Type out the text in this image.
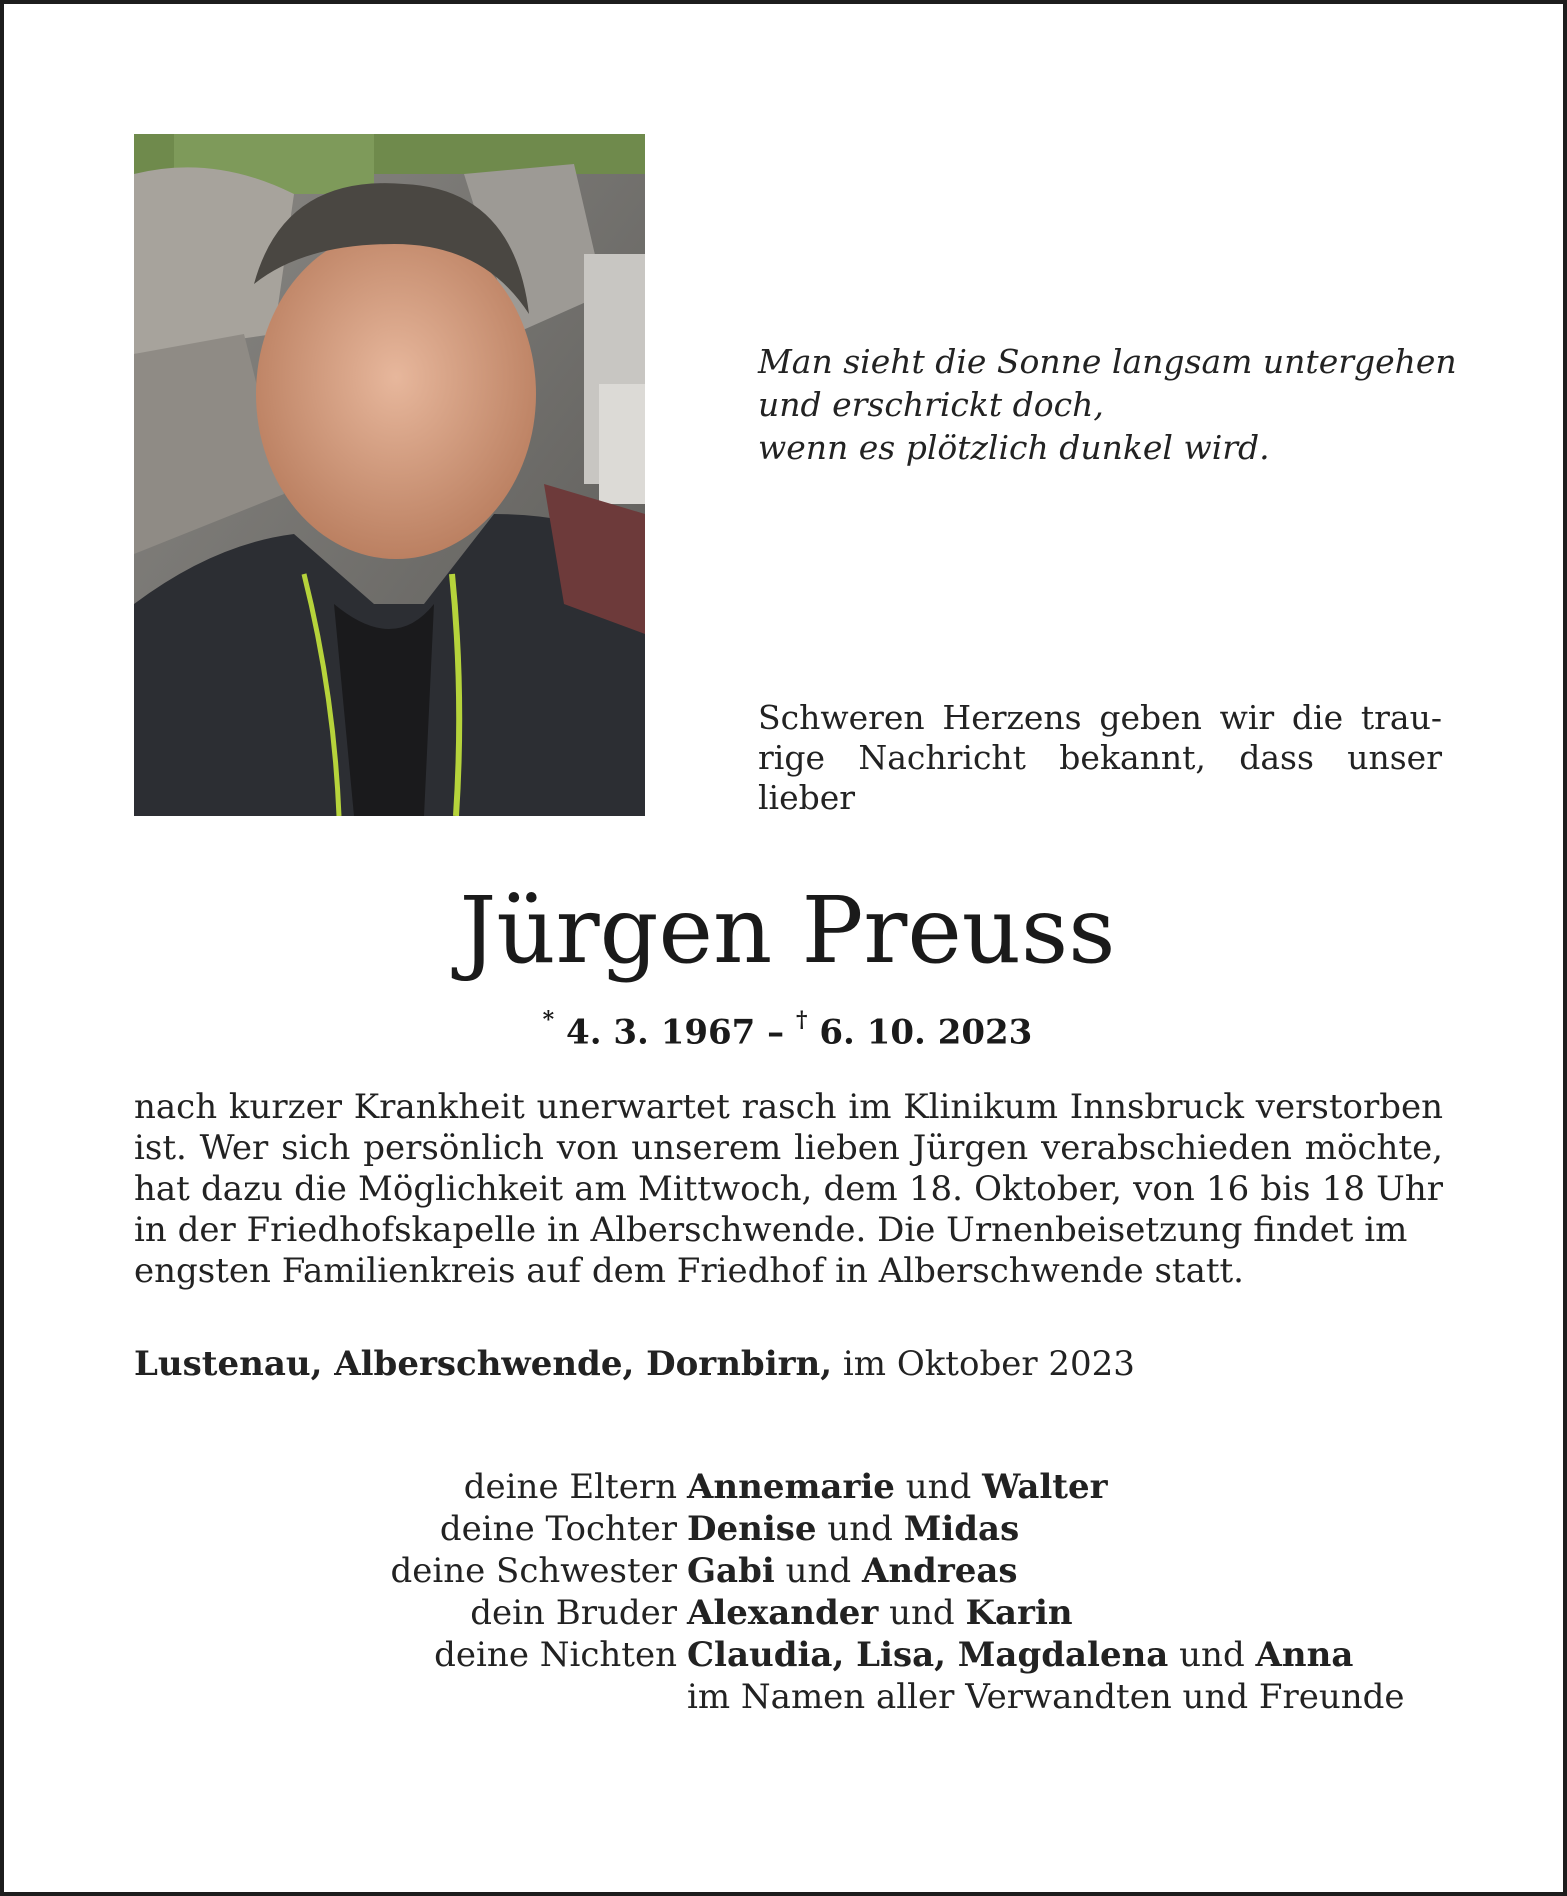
Man sieht die Sonne langsam untergehen
und erschrickt doch,
wenn es plötzlich dunkel wird.
Schweren Herzens geben wir die trau-rige Nachricht bekannt, dass unser lieber
Jürgen Preuss
* 4. 3. 1967 – † 6. 10. 2023
nach kurzer Krankheit unerwartet rasch im Klinikum Innsbruck verstorben ist. Wer sich persönlich von unserem lieben Jürgen verabschieden möchte, hat dazu die Möglichkeit am Mittwoch, dem 18. Oktober, von 16 bis 18 Uhr in der Friedhofskapelle in Alberschwende. Die Urnenbeisetzung findet im
engsten Familienkreis auf dem Friedhof in Alberschwende statt.
Lustenau, Alberschwende, Dornbirn, im Oktober 2023
deine Eltern Annemarie und Walter
deine Tochter Denise und Midas
deine Schwester Gabi und Andreas
dein Bruder Alexander und Karin
deine Nichten Claudia, Lisa, Magdalena und Anna
im Namen aller Verwandten und Freunde
